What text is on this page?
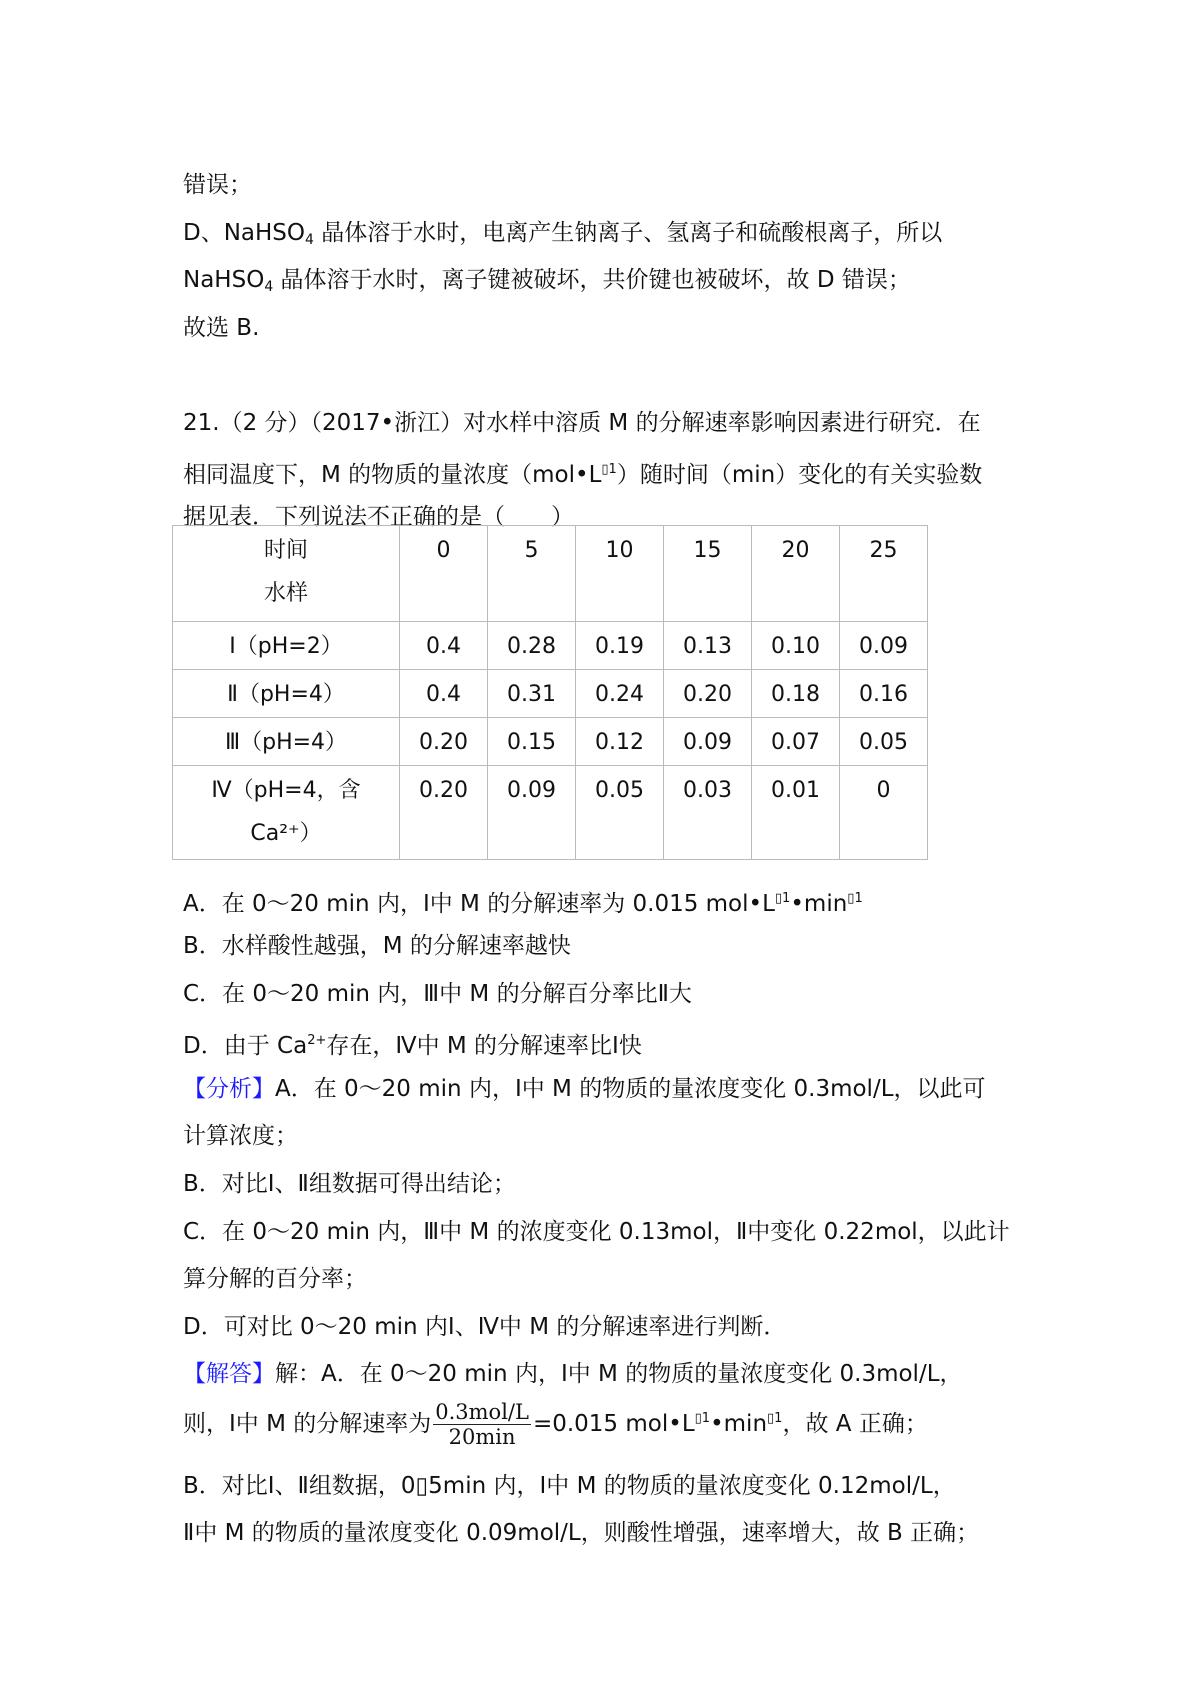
错误；
D、NaHSO$_4$ 晶体溶于水时，电离产生钠离子、氢离子和硫酸根离子，所以
NaHSO$_4$ 晶体溶于水时，离子键被破坏，共价键也被破坏，故 D 错误；
故选 B.
21.（2 分）（2017•浙江）对水样中溶质 M 的分解速率影响因素进行研究．在
相同温度下，M 的物质的量浓度$(mol•L^{▯1})$随时间（min）变化的有关实验数
据见表．下列说法不正确的是（　　）
A．在 0～20 min 内，Ⅰ中 M 的分解速率为 0.015 $mol•L^{▯1}•\min^{▯1}$
B．水样酸性越强，M 的分解速率越快
C．在 0～20 min 内，Ⅲ中 M 的分解百分率比Ⅱ大
D．由于 $Ca^{2+}$存在，Ⅳ中 M 的分解速率比Ⅰ快
【分析】A．在 0～20 min 内，Ⅰ中 M 的物质的量浓度变化 0.3mol/L，以此可
计算浓度；
B．对比Ⅰ、Ⅱ组数据可得出结论；
C．在 0～20 min 内，Ⅲ中 M 的浓度变化 0.13mol，Ⅱ中变化 0.22mol，以此计
算分解的百分率；
D．可对比 0～20 min 内Ⅰ、Ⅳ中 M 的分解速率进行判断．
【解答】解：A．在 0～20 min 内，Ⅰ中 M 的物质的量浓度变化 0.3mol/L，
则，Ⅰ中 M 的分解速率为 $\frac{\text{0.3mol/L}}{20\min} =0.015$ $mol•L^{▯1}•\min^{▯1}$，故 A 正确；
B．对比Ⅰ、Ⅱ组数据，0▯5min 内，Ⅰ中 M 的物质的量浓度变化 0.12mol/L，
Ⅱ中 M 的物质的量浓度变化 0.09mol/L，则酸性增强，速率增大，故 B 正确；
时间
水样	0	5	10	15	20	25

Ⅰ（pH=2）	0.4	0.28	0.19	0.13	0.10	0.09

Ⅱ（pH=4）	0.4	0.31	0.24	0.20	0.18	0.16

Ⅲ（pH=4）	0.20	0.15	0.12	0.09	0.07	0.05

Ⅳ（pH=4，含
Ca²⁺）	0.20	0.09	0.05	0.03	0.01	0
